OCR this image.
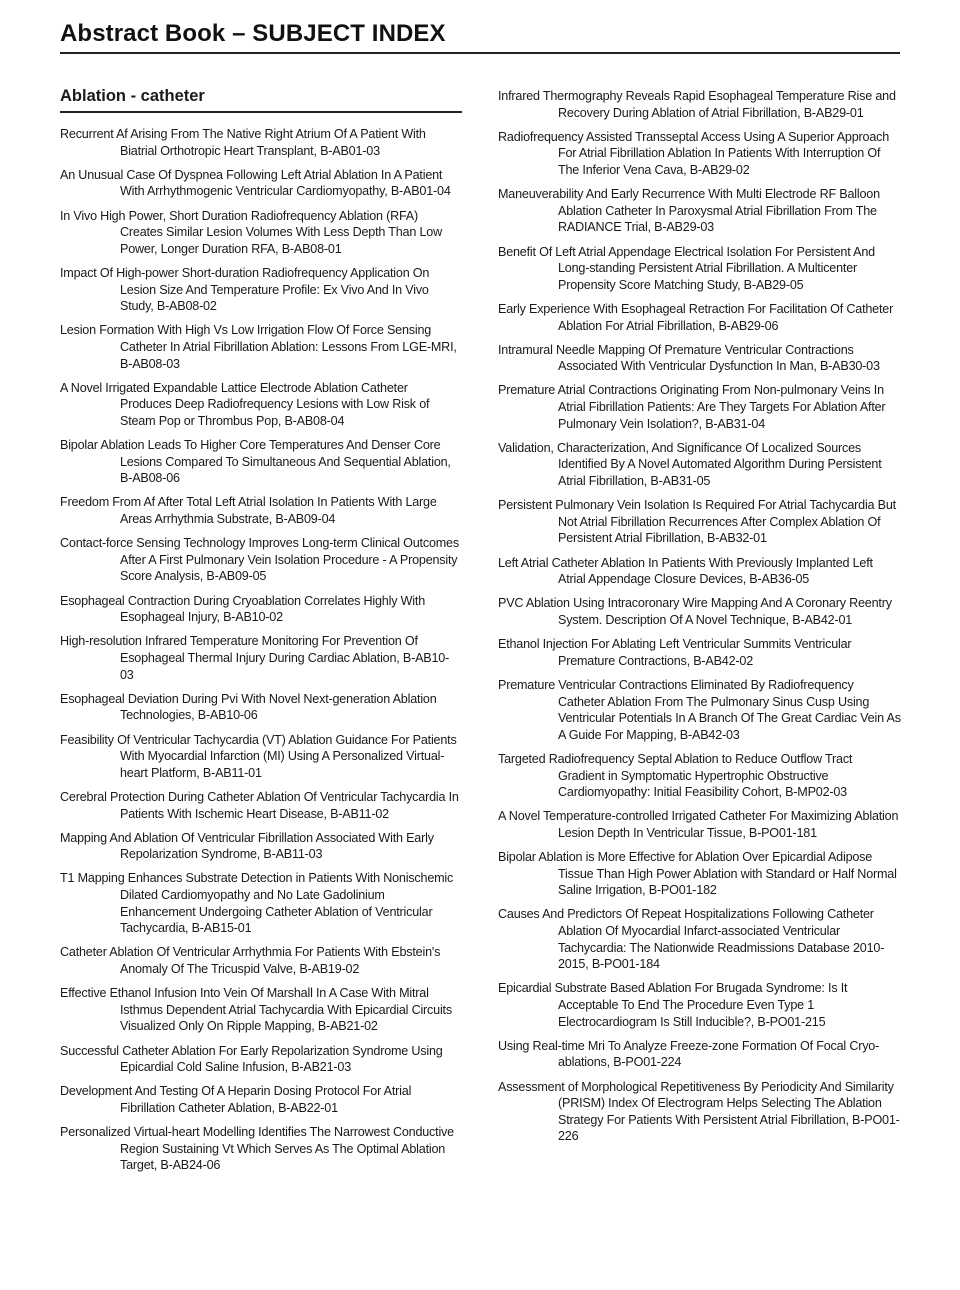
Abstract Book – SUBJECT INDEX
Ablation - catheter

Recurrent Af Arising From The Native Right Atrium Of A Patient With Biatrial Orthotropic Heart Transplant, B-AB01-03

An Unusual Case Of Dyspnea Following Left Atrial Ablation In A Patient With Arrhythmogenic Ventricular Cardiomyopathy, B-AB01-04

In Vivo High Power, Short Duration Radiofrequency Ablation (RFA) Creates Similar Lesion Volumes With Less Depth Than Low Power, Longer Duration RFA, B-AB08-01

Impact Of High-power Short-duration Radiofrequency Application On Lesion Size And Temperature Profile: Ex Vivo And In Vivo Study, B-AB08-02

Lesion Formation With High Vs Low Irrigation Flow Of Force Sensing Catheter In Atrial Fibrillation Ablation: Lessons From LGE-MRI, B-AB08-03

A Novel Irrigated Expandable Lattice Electrode Ablation Catheter Produces Deep Radiofrequency Lesions with Low Risk of Steam Pop or Thrombus Pop, B-AB08-04

Bipolar Ablation Leads To Higher Core Temperatures And Denser Core Lesions Compared To Simultaneous And Sequential Ablation, B-AB08-06

Freedom From Af After Total Left Atrial Isolation In Patients With Large Areas Arrhythmia Substrate, B-AB09-04

Contact-force Sensing Technology Improves Long-term Clinical Outcomes After A First Pulmonary Vein Isolation Procedure - A Propensity Score Analysis, B-AB09-05

Esophageal Contraction During Cryoablation Correlates Highly With Esophageal Injury, B-AB10-02

High-resolution Infrared Temperature Monitoring For Prevention Of Esophageal Thermal Injury During Cardiac Ablation, B-AB10-03

Esophageal Deviation During Pvi With Novel Next-generation Ablation Technologies, B-AB10-06

Feasibility Of Ventricular Tachycardia (VT) Ablation Guidance For Patients With Myocardial Infarction (MI) Using A Personalized Virtual-heart Platform, B-AB11-01

Cerebral Protection During Catheter Ablation Of Ventricular Tachycardia In Patients With Ischemic Heart Disease, B-AB11-02

Mapping And Ablation Of Ventricular Fibrillation Associated With Early Repolarization Syndrome, B-AB11-03

T1 Mapping Enhances Substrate Detection in Patients With Nonischemic Dilated Cardiomyopathy and No Late Gadolinium Enhancement Undergoing Catheter Ablation of Ventricular Tachycardia, B-AB15-01

Catheter Ablation Of Ventricular Arrhythmia For Patients With Ebstein's Anomaly Of The Tricuspid Valve, B-AB19-02

Effective Ethanol Infusion Into Vein Of Marshall In A Case With Mitral Isthmus Dependent Atrial Tachycardia With Epicardial Circuits Visualized Only On Ripple Mapping, B-AB21-02

Successful Catheter Ablation For Early Repolarization Syndrome Using Epicardial Cold Saline Infusion, B-AB21-03

Development And Testing Of A Heparin Dosing Protocol For Atrial Fibrillation Catheter Ablation, B-AB22-01

Personalized Virtual-heart Modelling Identifies The Narrowest Conductive Region Sustaining Vt Which Serves As The Optimal Ablation Target, B-AB24-06

Infrared Thermography Reveals Rapid Esophageal Temperature Rise and Recovery During Ablation of Atrial Fibrillation, B-AB29-01

Radiofrequency Assisted Transseptal Access Using A Superior Approach For Atrial Fibrillation Ablation In Patients With Interruption Of The Inferior Vena Cava, B-AB29-02

Maneuverability And Early Recurrence With Multi Electrode RF Balloon Ablation Catheter In Paroxysmal Atrial Fibrillation From The RADIANCE Trial, B-AB29-03

Benefit Of Left Atrial Appendage Electrical Isolation For Persistent And Long-standing Persistent Atrial Fibrillation. A Multicenter Propensity Score Matching Study, B-AB29-05

Early Experience With Esophageal Retraction For Facilitation Of Catheter Ablation For Atrial Fibrillation, B-AB29-06

Intramural Needle Mapping Of Premature Ventricular Contractions Associated With Ventricular Dysfunction In Man, B-AB30-03

Premature Atrial Contractions Originating From Non-pulmonary Veins In Atrial Fibrillation Patients: Are They Targets For Ablation After Pulmonary Vein Isolation?, B-AB31-04

Validation, Characterization, And Significance Of Localized Sources Identified By A Novel Automated Algorithm During Persistent Atrial Fibrillation, B-AB31-05

Persistent Pulmonary Vein Isolation Is Required For Atrial Tachycardia But Not Atrial Fibrillation Recurrences After Complex Ablation Of Persistent Atrial Fibrillation, B-AB32-01

Left Atrial Catheter Ablation In Patients With Previously Implanted Left Atrial Appendage Closure Devices, B-AB36-05

PVC Ablation Using Intracoronary Wire Mapping And A Coronary Reentry System. Description Of A Novel Technique, B-AB42-01

Ethanol Injection For Ablating Left Ventricular Summits Ventricular Premature Contractions, B-AB42-02

Premature Ventricular Contractions Eliminated By Radiofrequency Catheter Ablation From The Pulmonary Sinus Cusp Using Ventricular Potentials In A Branch Of The Great Cardiac Vein As A Guide For Mapping, B-AB42-03

Targeted Radiofrequency Septal Ablation to Reduce Outflow Tract Gradient in Symptomatic Hypertrophic Obstructive Cardiomyopathy: Initial Feasibility Cohort, B-MP02-03

A Novel Temperature-controlled Irrigated Catheter For Maximizing Ablation Lesion Depth In Ventricular Tissue, B-PO01-181

Bipolar Ablation is More Effective for Ablation Over Epicardial Adipose Tissue Than High Power Ablation with Standard or Half Normal Saline Irrigation, B-PO01-182

Causes And Predictors Of Repeat Hospitalizations Following Catheter Ablation Of Myocardial Infarct-associated Ventricular Tachycardia: The Nationwide Readmissions Database 2010- 2015, B-PO01-184

Epicardial Substrate Based Ablation For Brugada Syndrome: Is It Acceptable To End The Procedure Even Type 1 Electrocardiogram Is Still Inducible?, B-PO01-215

Using Real-time Mri To Analyze Freeze-zone Formation Of Focal Cryo-ablations, B-PO01-224

Assessment of Morphological Repetitiveness By Periodicity And Similarity (PRISM) Index Of Electrogram Helps Selecting The Ablation Strategy For Patients With Persistent Atrial Fibrillation, B-PO01-226
